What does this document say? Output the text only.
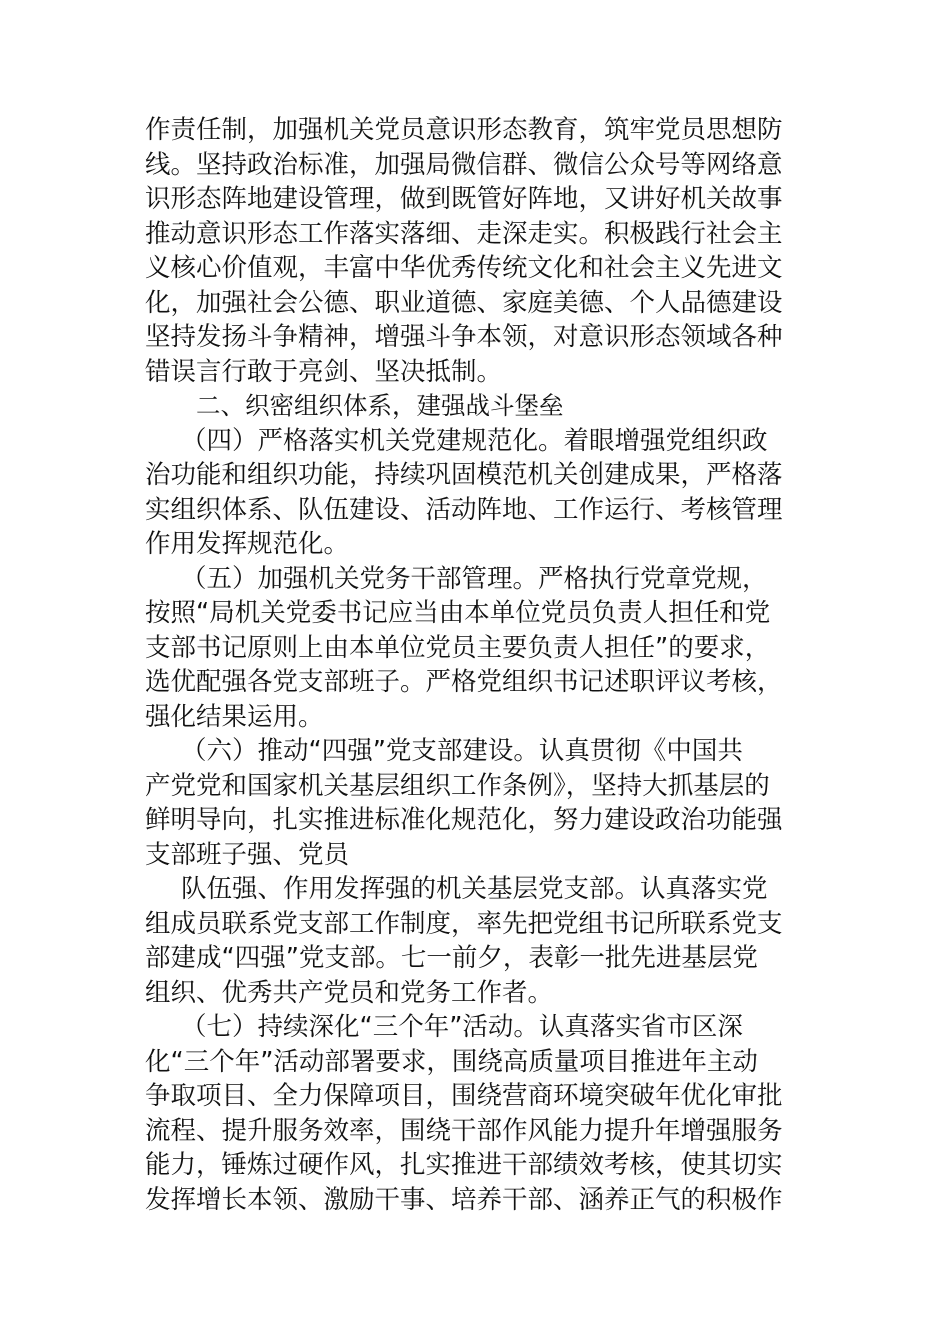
作责任制，加强机关党员意识形态教育，筑牢党员思想防
线。坚持政治标准，加强局微信群、微信公众号等网络意
识形态阵地建设管理，做到既管好阵地，又讲好机关故事
推动意识形态工作落实落细、走深走实。积极践行社会主
义核心价值观，丰富中华优秀传统文化和社会主义先进文
化，加强社会公德、职业道德、家庭美德、个人品德建设
坚持发扬斗争精神，增强斗争本领，对意识形态领域各种
错误言行敢于亮剑、坚决抵制。
二、织密组织体系，建强战斗堡垒
（四）严格落实机关党建规范化。着眼增强党组织政
治功能和组织功能，持续巩固模范机关创建成果，严格落
实组织体系、队伍建设、活动阵地、工作运行、考核管理
作用发挥规范化。
（五）加强机关党务干部管理。严格执行党章党规，
按照“局机关党委书记应当由本单位党员负责人担任和党
支部书记原则上由本单位党员主要负责人担任”的要求，
选优配强各党支部班子。严格党组织书记述职评议考核，
强化结果运用。
（六）推动“四强”党支部建设。认真贯彻《中国共
产党党和国家机关基层组织工作条例》，坚持大抓基层的
鲜明导向，扎实推进标准化规范化，努力建设政治功能强
支部班子强、党员
队伍强、作用发挥强的机关基层党支部。认真落实党
组成员联系党支部工作制度，率先把党组书记所联系党支
部建成“四强”党支部。七一前夕，表彰一批先进基层党
组织、优秀共产党员和党务工作者。
（七）持续深化“三个年”活动。认真落实省市区深
化“三个年”活动部署要求，围绕高质量项目推进年主动
争取项目、全力保障项目，围绕营商环境突破年优化审批
流程、提升服务效率，围绕干部作风能力提升年增强服务
能力，锤炼过硬作风，扎实推进干部绩效考核，使其切实
发挥增长本领、激励干事、培养干部、涵养正气的积极作
